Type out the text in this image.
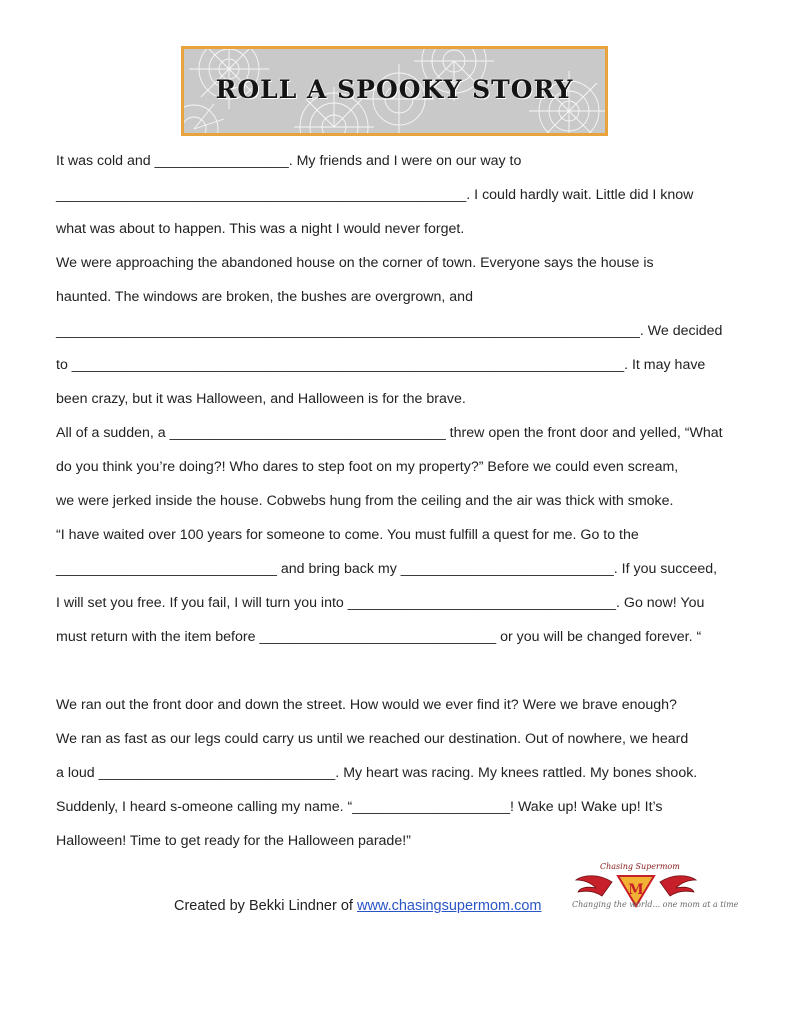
ROLL A SPOOKY STORY
It was cold and _________________. My friends and I were on our way to
____________________________________________________. I could hardly wait. Little did I know
what was about to happen. This was a night I would never forget.
We were approaching the abandoned house on the corner of town. Everyone says the house is
haunted. The windows are broken, the bushes are overgrown, and
__________________________________________________________________________. We decided
to ______________________________________________________________________. It may have
been crazy, but it was Halloween, and Halloween is for the brave.
All of a sudden, a ___________________________________ threw open the front door and yelled, “What
do you think you’re doing?! Who dares to step foot on my property?” Before we could even scream,
we were jerked inside the house. Cobwebs hung from the ceiling and the air was thick with smoke.
“I have waited over 100 years for someone to come. You must fulfill a quest for me. Go to the
____________________________ and bring back my ___________________________. If you succeed,
I will set you free. If you fail, I will turn you into __________________________________. Go now! You
must return with the item before ______________________________ or you will be changed forever. “
We ran out the front door and down the street. How would we ever find it? Were we brave enough?
We ran as fast as our legs could carry us until we reached our destination. Out of nowhere, we heard
a loud ______________________________. My heart was racing. My knees rattled. My bones shook.
Suddenly, I heard s-omeone calling my name. “____________________! Wake up! Wake up! It’s
Halloween! Time to get ready for the Halloween parade!”
Created by Bekki Lindner of www.chasingsupermom.com
Chasing Supermom
M
Changing the world... one mom at a time
